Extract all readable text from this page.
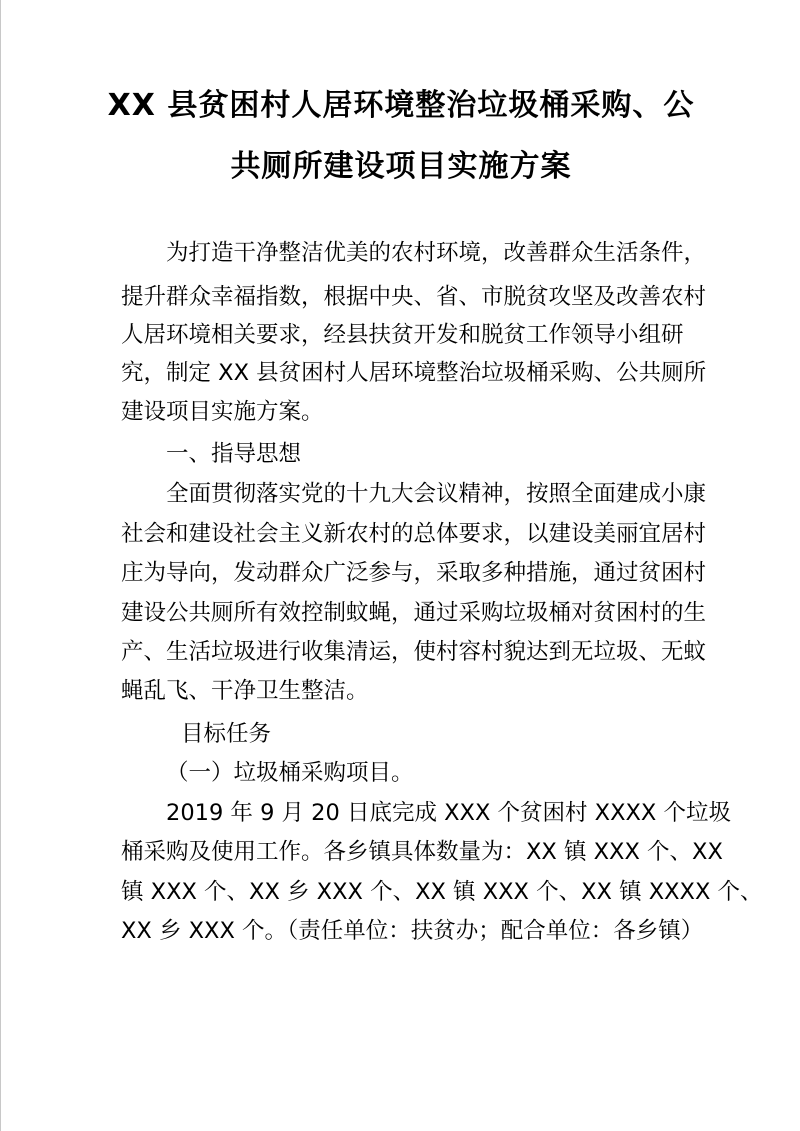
XX 县贫困村人居环境整治垃圾桶采购、公
共厕所建设项目实施方案
为打造干净整洁优美的农村环境，改善群众生活条件，
提升群众幸福指数，根据中央、省、市脱贫攻坚及改善农村
人居环境相关要求，经县扶贫开发和脱贫工作领导小组研
究，制定 XX 县贫困村人居环境整治垃圾桶采购、公共厕所
建设项目实施方案。
一、指导思想
全面贯彻落实党的十九大会议精神，按照全面建成小康
社会和建设社会主义新农村的总体要求，以建设美丽宜居村
庄为导向，发动群众广泛参与，采取多种措施，通过贫困村
建设公共厕所有效控制蚊蝇，通过采购垃圾桶对贫困村的生
产、生活垃圾进行收集清运，使村容村貌达到无垃圾、无蚊
蝇乱飞、干净卫生整洁。
目标任务
（一）垃圾桶采购项目。
2019 年 9 月 20 日底完成 XXX 个贫困村 XXXX 个垃圾
桶采购及使用工作。各乡镇具体数量为：XX 镇 XXX 个、XX
镇 XXX 个、XX 乡 XXX 个、XX 镇 XXX 个、XX 镇 XXXX 个、
XX 乡 XXX 个。（责任单位：扶贫办；配合单位：各乡镇）
